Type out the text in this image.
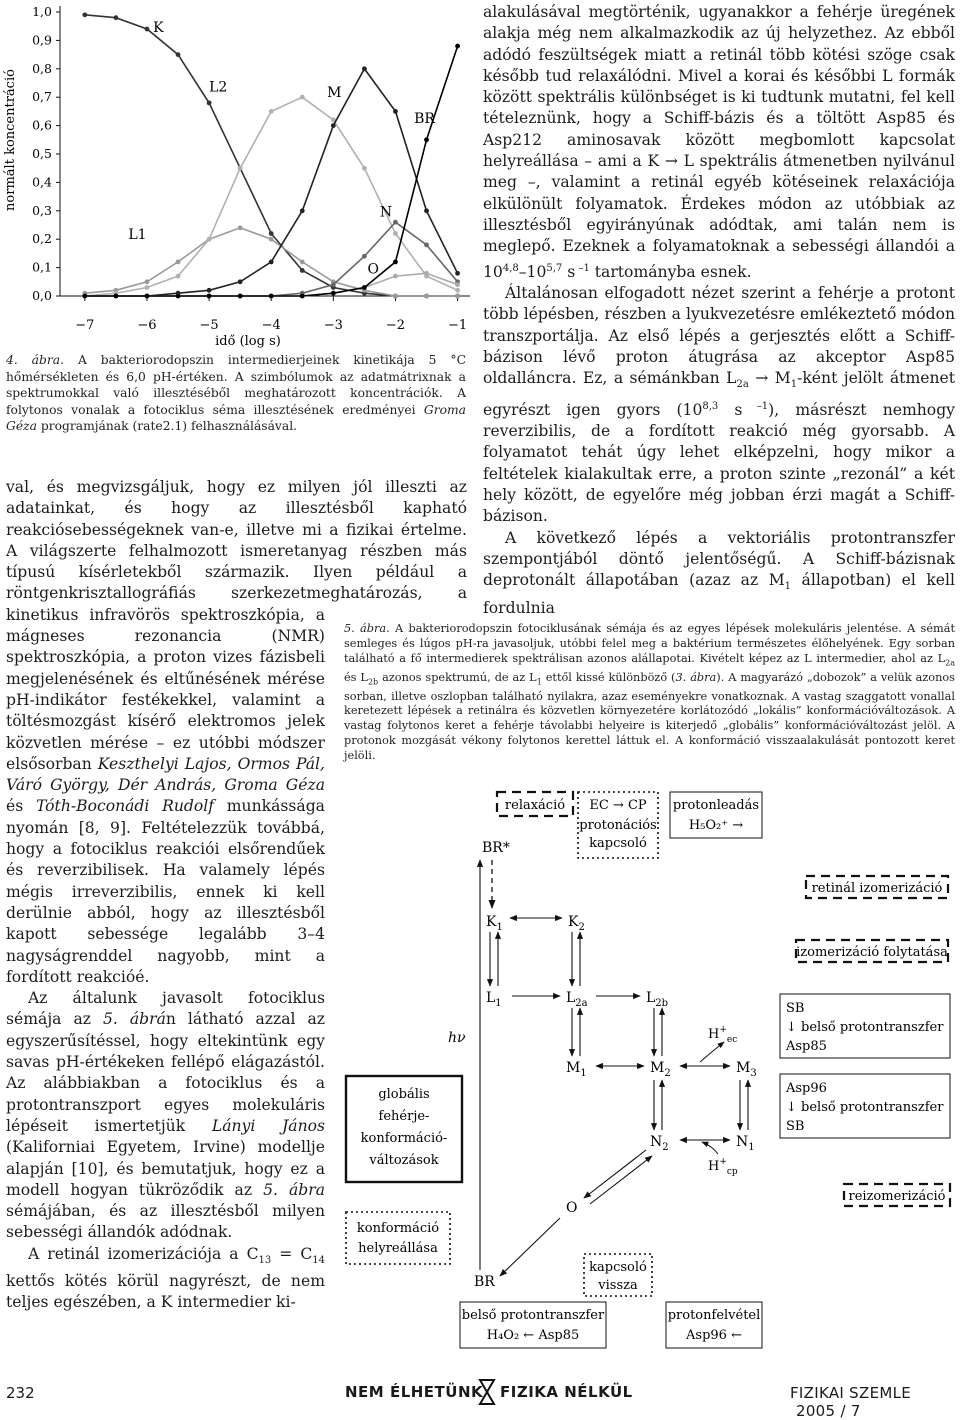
0,0
0,1
0,2
0,3
0,4
0,5
0,6
0,7
0,8
0,9
1,0
−7	−6	−5	−4	−3	−2	−1
K
L1
L2	M
N
O
BR
normált koncentráció
idő (log s)
4. ábra. A bakteriorodopszin intermedierjeinek kinetikája 5 °C hőmérsékleten és 6,0 pH-értéken. A szimbólumok az adatmátrixnak a spektrumokkal való illesztéséből meghatározott koncentrációk. A folytonos vonalak a fotociklus séma illesztésének eredményei Groma Géza programjának (rate2.1) felhasználásával.

val, és megvizsgáljuk, hogy ez milyen jól illeszti az adatainkat, és hogy az illesztésből kapható reakciósebességeknek van-e, illetve mi a fizikai értelme. A világszerte felhalmozott ismeretanyag részben más típusú kísérletekből származik. Ilyen például a röntgenkrisztallográfiás szerkezetmeghatározás, a kinetikus infravörös spektroszkópia, a mágneses rezonancia (NMR) spektroszkópia, a proton vizes fázisbeli megjelenésének és eltűnésének mérése pH-indikátor festékekkel, valamint a töltésmozgást kísérő elektromos jelek közvetlen mérése – ez utóbbi módszer elsősorban Keszthelyi Lajos, Ormos Pál, Váró György, Dér András, Groma Géza és Tóth-Boconádi Rudolf munkássága nyomán [8, 9]. Feltételezzük továbbá, hogy a fotociklus reakciói elsőrendűek és reverzibilisek. Ha valamely lépés mégis irreverzibilis, ennek ki kell derülnie abból, hogy az illesztésből kapott sebessége legalább 3–4 nagyságrenddel nagyobb, mint a fordított reakcióé.

Az általunk javasolt fotociklus sémája az 5. ábrán látható azzal az egyszerűsítéssel, hogy eltekintünk egy savas pH-értékeken fellépő elágazástól. Az alábbiakban a fotociklus és a protontranszport egyes molekuláris lépéseit ismertetjük Lányi János (Kaliforniai Egyetem, Irvine) modellje alapján [10], és bemutatjuk, hogy ez a modell hogyan tükröződik az 5. ábra sémájában, és az illesztésből milyen sebességi állandók adódnak.

A retinál izomerizációja a $C_{13} = C_{14}$ kettős kötés körül nagyrészt, de nem teljes egészében, a K intermedier ki-

alakulásával megtörténik, ugyanakkor a fehérje üregének alakja még nem alkalmazkodik az új helyzethez. Az ebből adódó feszültségek miatt a retinál több kötési szöge csak később tud relaxálódni. Mivel a korai és későbbi L formák között spektrális különbséget is ki tudtunk mutatni, fel kell tételeznünk, hogy a Schiff-bázis és a töltött Asp85 és Asp212 aminosavak között megbomlott kapcsolat helyreállása – ami a K → L spektrális átmenetben nyilvánul meg –, valamint a retinál egyéb kötéseinek relaxációja elkülönült folyamatok. Érdekes módon az utóbbiak az illesztésből egyirányúnak adódtak, ami talán nem is meglepő. Ezeknek a folyamatoknak a sebességi állandói a 10$^{4,8}$–10$^{5,7}$ s $^{-1}$ tartományba esnek.

Általánosan elfogadott nézet szerint a fehérje a protont több lépésben, részben a lyukvezetésre emlékeztető módon transzportálja. Az első lépés a gerjesztés előtt a Schiff-bázison lévő proton átugrása az akceptor Asp85 oldalláncra. Ez, a sémánkban $L_{2a}$ → $M_1$-ként jelölt átmenet egyrészt igen gyors (10$^{8,3}$ s $^{-1}$), másrészt nemhogy reverzibilis, de a fordított reakció még gyorsabb. A folyamatot tehát úgy lehet elképzelni, hogy mikor a feltételek kialakultak erre, a proton szinte „rezonál” a két hely között, de egyelőre még jobban érzi magát a Schiff-bázison.

A következő lépés a vektoriális protontranszfer szempontjából döntő jelentőségű. A Schiff-bázisnak deprotonált állapotában (azaz az $M_1$ állapotban) el kell fordulnia

5. ábra. A bakteriorodopszin fotociklusának sémája és az egyes lépések molekuláris jelentése. A sémát semleges és lúgos pH-ra javasoljuk, utóbbi felel meg a baktérium természetes élőhelyének. Egy sorban található a fő intermedierek spektrálisan azonos alállapotai. Kivételt képez az L intermedier, ahol az $L_{2a}$ és $L_{2b}$ azonos spektrumú, de az $L_1$ ettől kissé különböző (3. ábra). A magyarázó „dobozok” a velük azonos sorban, illetve oszlopban található nyilakra, azaz eseményekre vonatkoznak. A vastag szaggatott vonallal keretezett lépések a retinálra és közvetlen környezetére korlátozódó „lokális” konformációváltozások. A vastag folytonos keret a fehérje távolabbi helyeire is kiterjedő „globális” konformációváltozást jelöl. A protonok mozgását vékony folytonos kerettel láttuk el. A konformáció visszaalakulását pontozott keret jelöli.
relaxáció EC → CP
protonációs
kapcsoló
protonleadás
H₅O₂⁺ →
retinál izomerizáció
izomerizáció folytatása
SB
↓ belső protontranszfer
Asp85
Asp96
↓ belső protontranszfer
SB
reizomerizáció
globális fehérje-konformáció-változások
konformáció helyreállása
kapcsoló vissza
belső protontranszfer
H₄O₂ ← Asp85
protonfelvétel
Asp96 ←
BR*
$K_1$	$K_2$
$L_1$	$L_{2a}$	$L_{2b}$
$M_1$	$M_2$	$M_3$
$N_2$	$N_1$
O
BR
hν	$H^+_{ec}$
$H^+_{cp}$
232	NEM ÉLHETÜNK FIZIKA NÉLKÜL	FIZIKAI SZEMLE 2005 / 7
